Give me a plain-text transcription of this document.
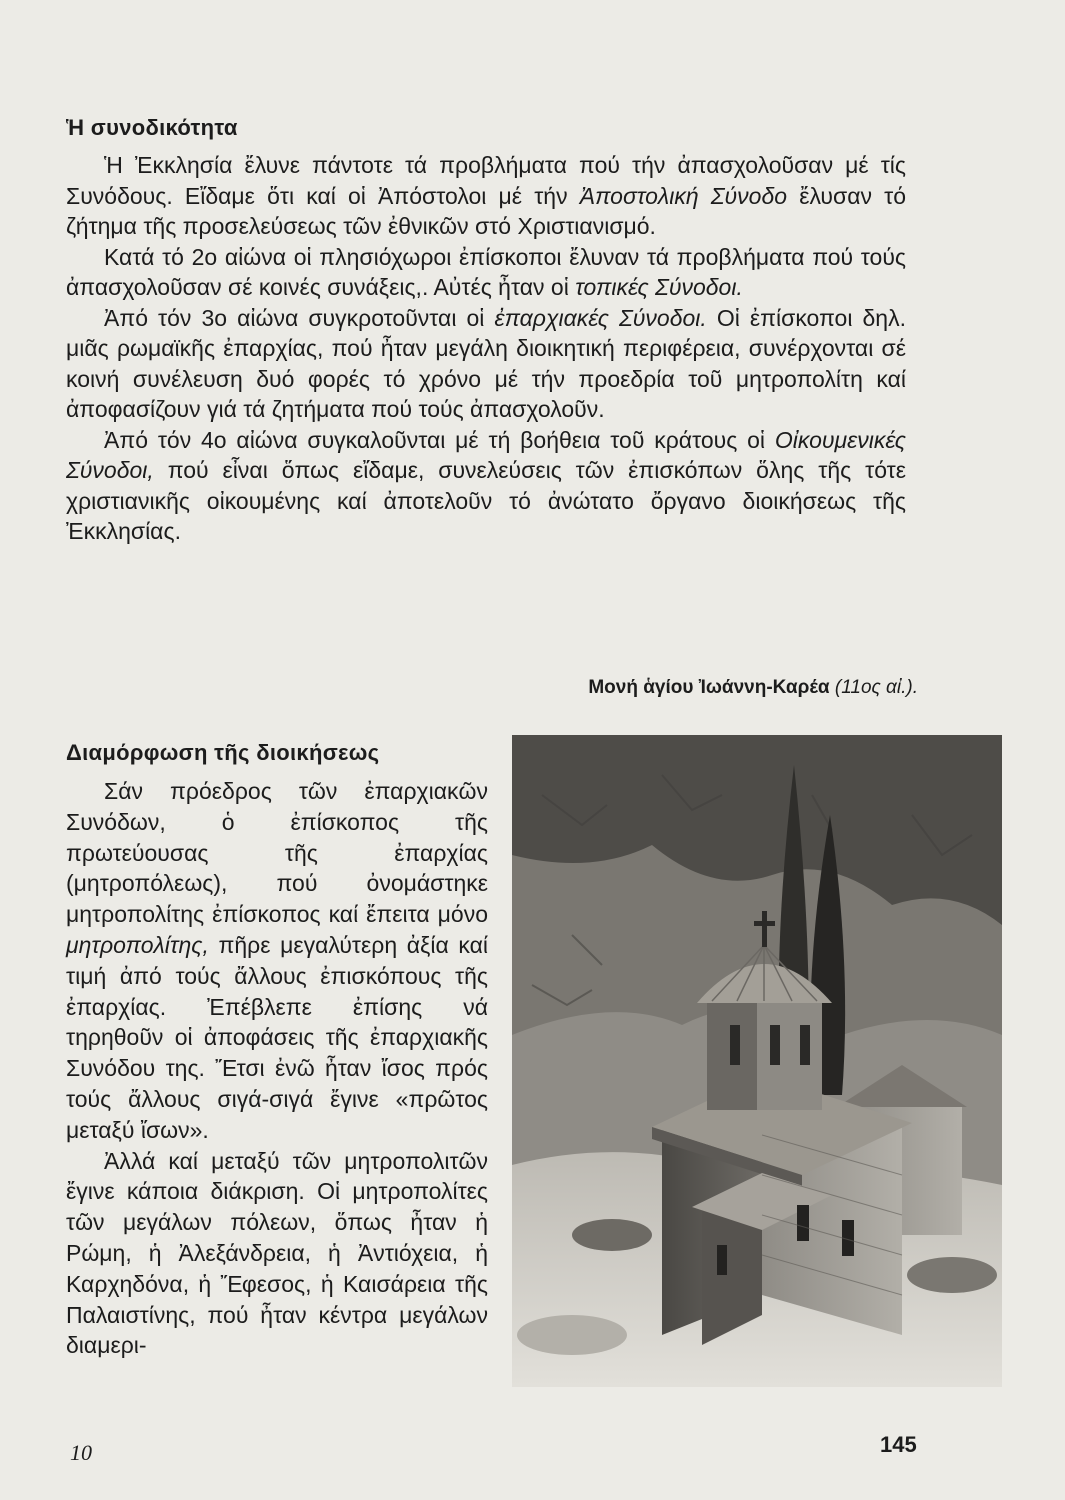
Ἡ συνοδικότητα

Ἡ Ἐκκλησία ἔλυνε πάντοτε τά προβλήματα πού τήν ἀπασχολοῦσαν μέ τίς Συνόδους. Εἴδαμε ὅτι καί οἱ Ἀπόστολοι μέ τήν Ἀποστολική Σύνοδο ἔλυσαν τό ζήτημα τῆς προσελεύσεως τῶν ἐθνικῶν στό Χριστιανισμό.

Κατά τό 2ο αἰώνα οἱ πλησιόχωροι ἐπίσκοποι ἔλυναν τά προβλήματα πού τούς ἀπασχολοῦσαν σέ κοινές συνάξεις,. Αὐτές ἦταν οἱ τοπικές Σύνοδοι.

Ἀπό τόν 3ο αἰώνα συγκροτοῦνται οἱ ἐπαρχιακές Σύνοδοι. Οἱ ἐπίσκοποι δηλ. μιᾶς ρωμαϊκῆς ἐπαρχίας, πού ἦταν μεγάλη διοικητική περιφέρεια, συνέρχονται σέ κοινή συνέλευση δυό φορές τό χρόνο μέ τήν προεδρία τοῦ μητροπολίτη καί ἀποφασίζουν γιά τά ζητήματα πού τούς ἀπασχολοῦν.

Ἀπό τόν 4ο αἰώνα συγκαλοῦνται μέ τή βοήθεια τοῦ κράτους οἱ Οἰκουμενικές Σύνοδοι, πού εἶναι ὅπως εἴδαμε, συνελεύσεις τῶν ἐπισκόπων ὅλης τῆς τότε χριστιανικῆς οἰκουμένης καί ἀποτελοῦν τό ἀνώτατο ὄργανο διοικήσεως τῆς Ἐκκλησίας.

Μονή ἁγίου Ἰωάννη-Καρέα (11ος αἰ.).
Διαμόρφωση τῆς διοικήσεως

Σάν πρόεδρος τῶν ἐπαρχιακῶν Συνόδων, ὁ ἐπίσκοπος τῆς πρωτεύουσας τῆς ἐπαρχίας (μητροπόλεως), πού ὀνομάστηκε μητροπολίτης ἐπίσκοπος καί ἔπειτα μόνο μητροπολίτης, πῆρε μεγαλύτερη ἀξία καί τιμή ἀπό τούς ἄλλους ἐπισκόπους τῆς ἐπαρχίας. Ἐπέβλεπε ἐπίσης νά τηρηθοῦν οἱ ἀποφάσεις τῆς ἐπαρχιακῆς Συνόδου της. Ἔτσι ἐνῶ ἦταν ἴσος πρός τούς ἄλλους σιγά-σιγά ἔγινε «πρῶτος μεταξύ ἴσων».

Ἀλλά καί μεταξύ τῶν μητροπολιτῶν ἔγινε κάποια διάκριση. Οἱ μητροπολίτες τῶν μεγάλων πόλεων, ὅπως ἦταν ἡ Ρώμη, ἡ Ἀλεξάνδρεια, ἡ Ἀντιόχεια, ἡ Καρχηδόνα, ἡ Ἔφεσος, ἡ Καισάρεια τῆς Παλαιστίνης, πού ἦταν κέντρα μεγάλων διαμερι-

10	145
